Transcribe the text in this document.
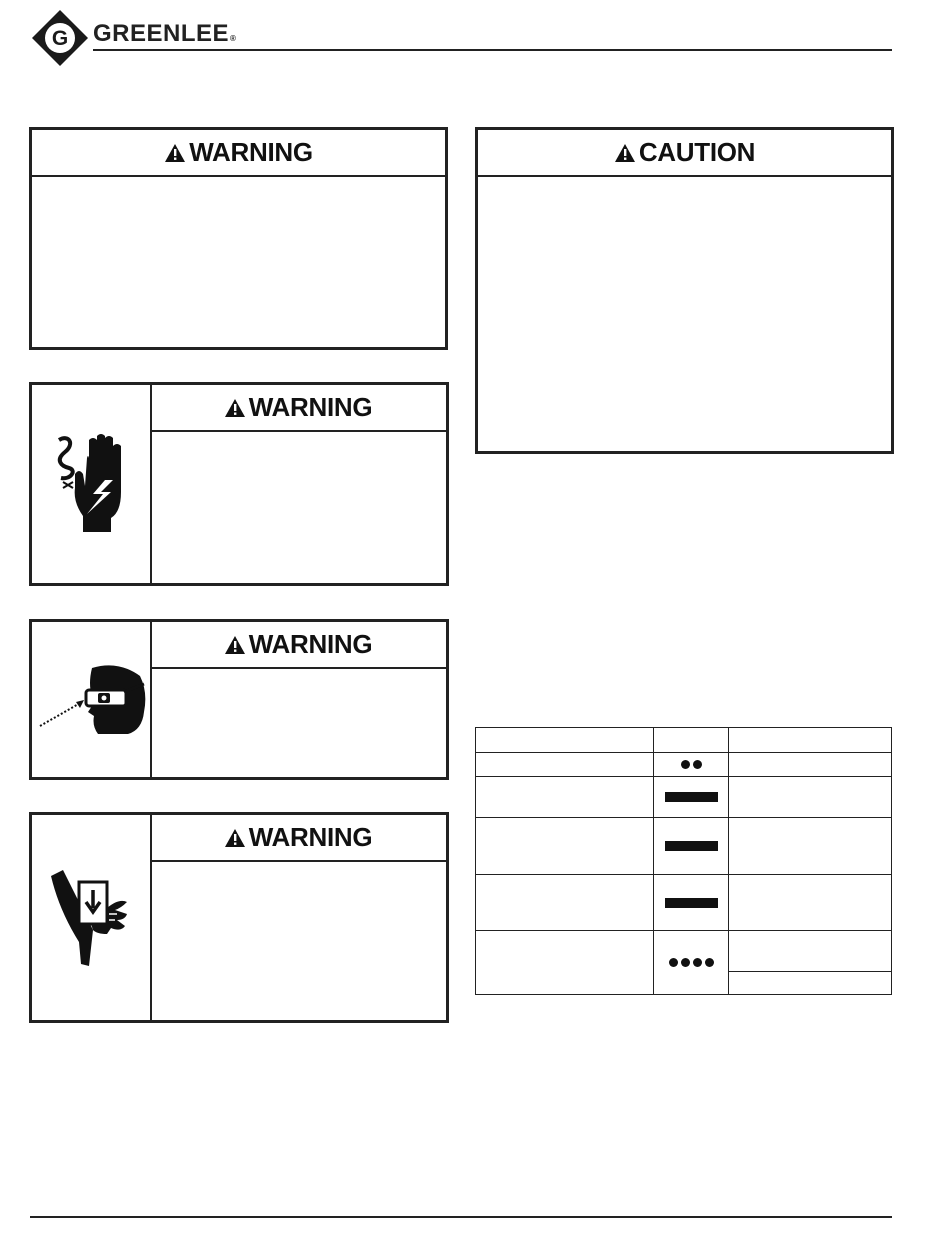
G GREENLEE®
WARNING	CAUTION
WARNING
WARNING
WARNING
